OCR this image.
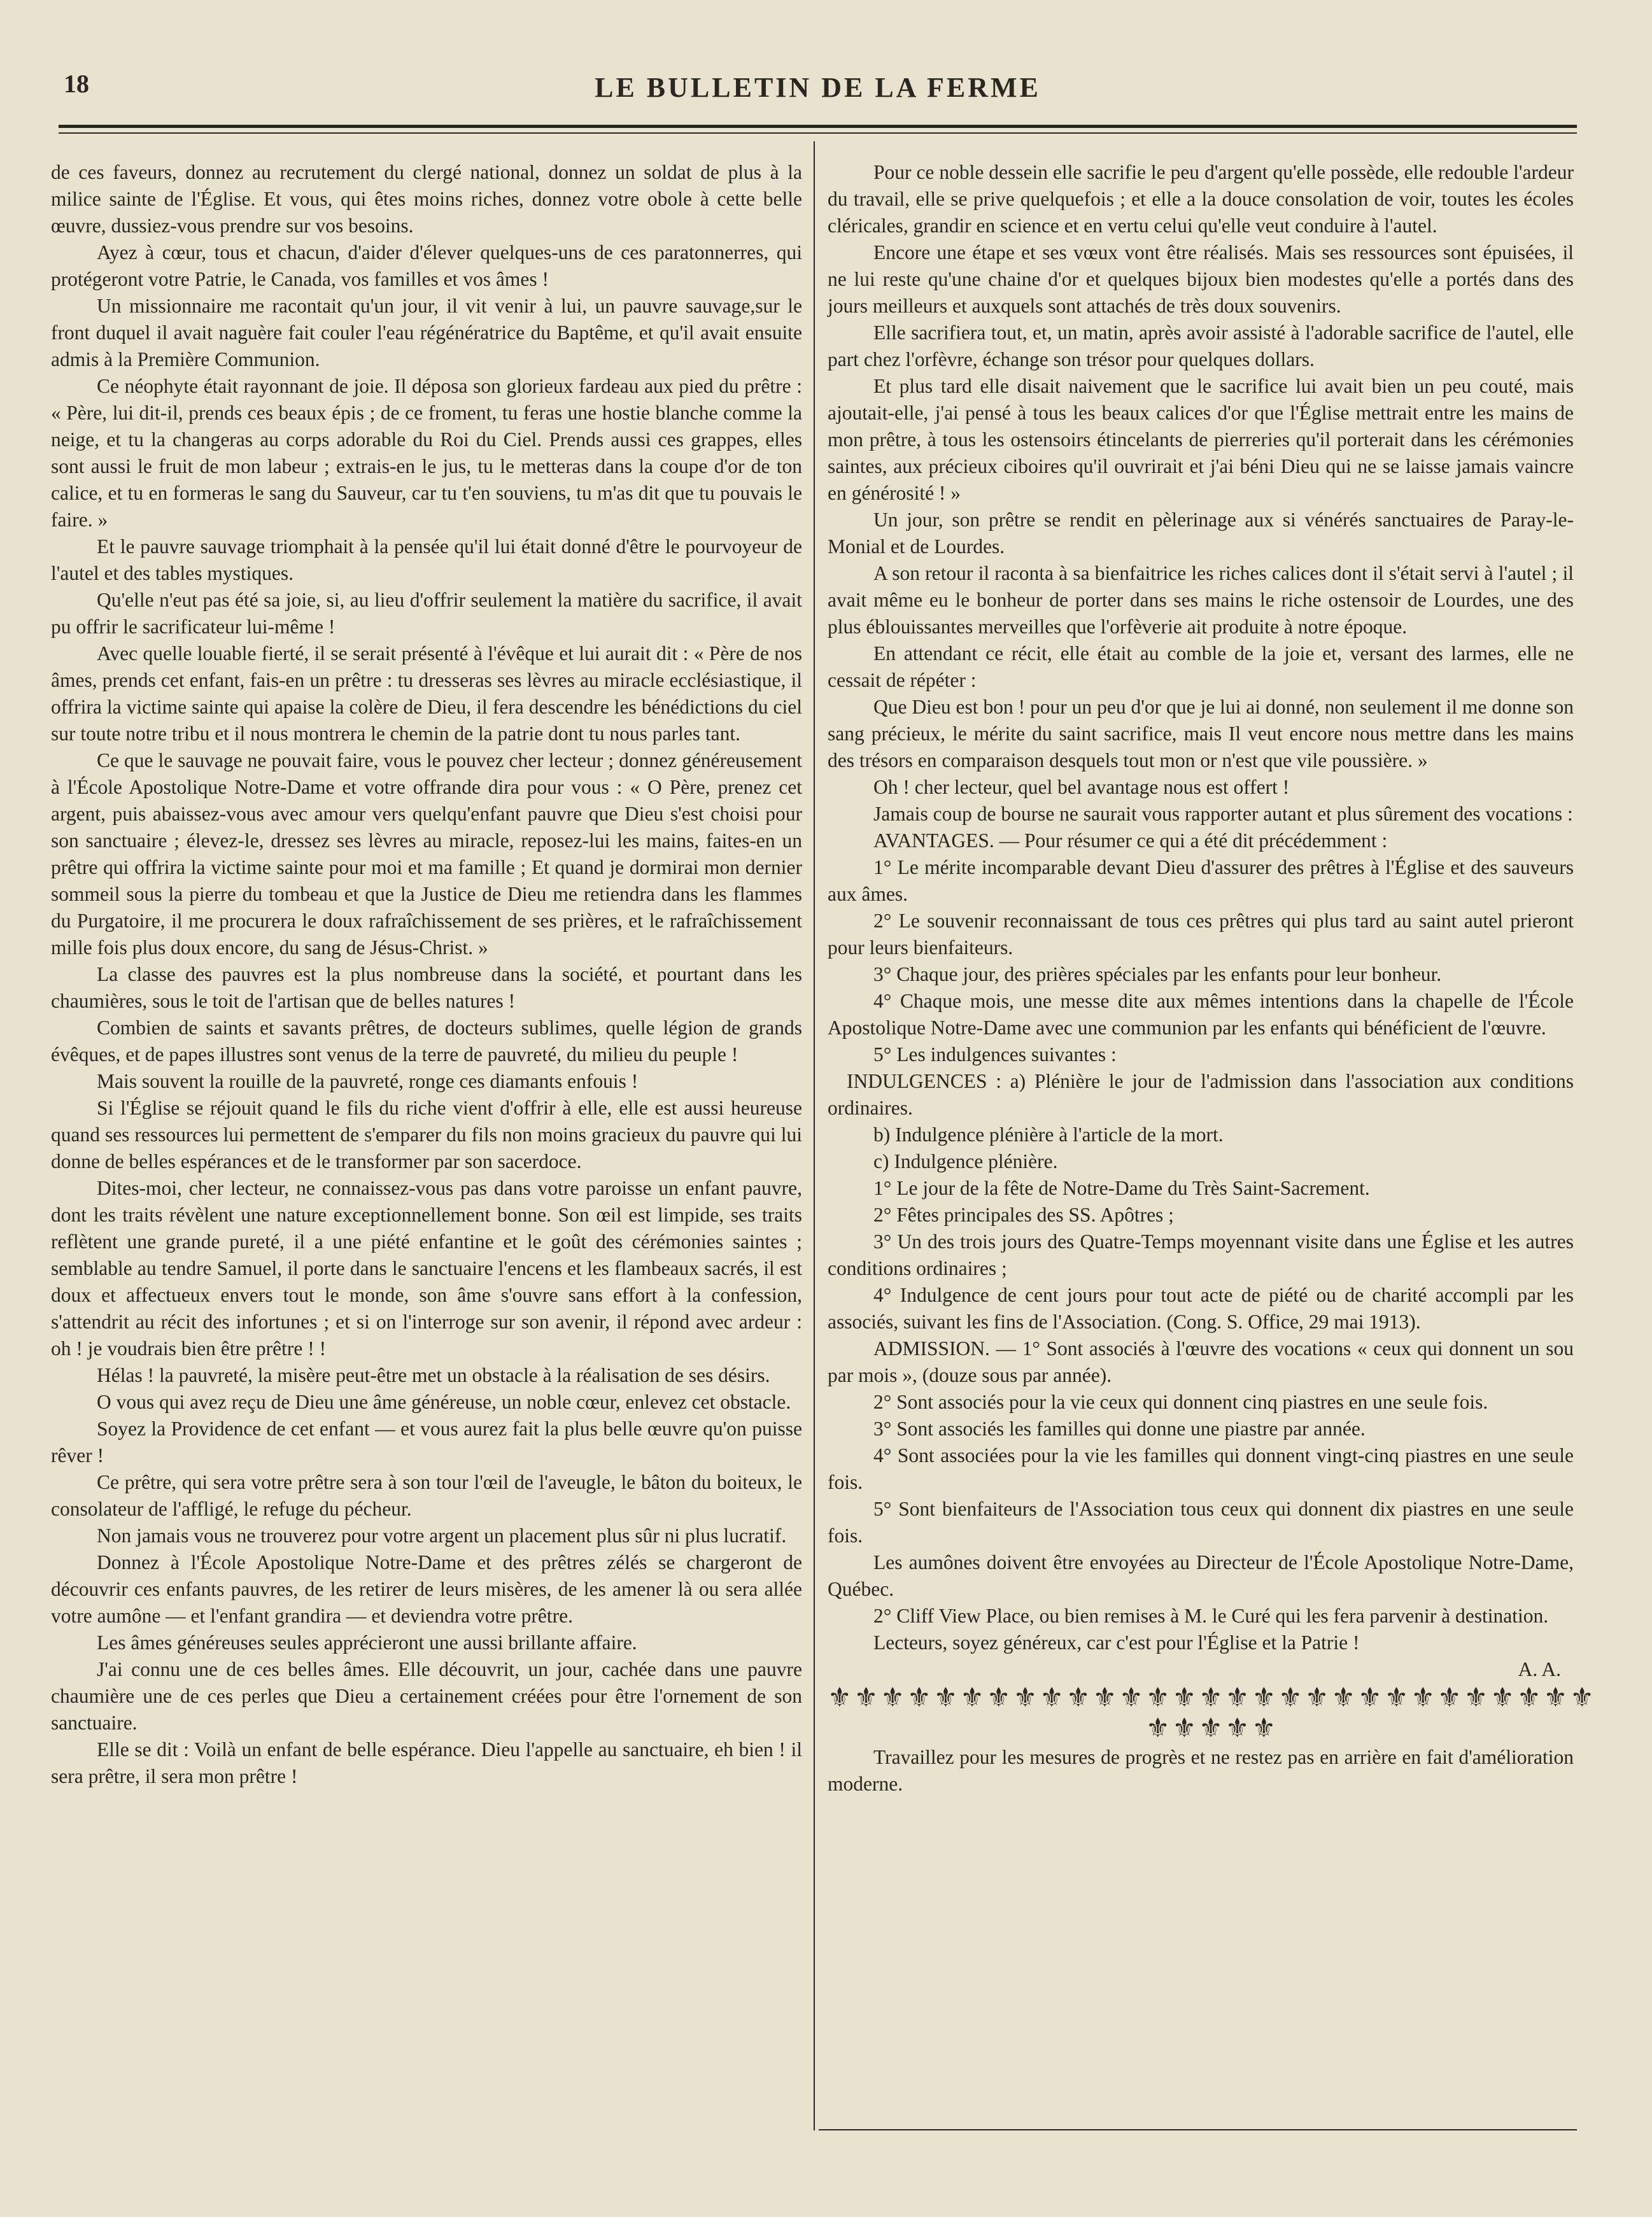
18	LE BULLETIN DE LA FERME

de ces faveurs, donnez au recrutement du clergé national, donnez un soldat de plus à la milice sainte de l'Église. Et vous, qui êtes moins riches, donnez votre obole à cette belle œuvre, dussiez-vous prendre sur vos besoins.

Ayez à cœur, tous et chacun, d'aider d'élever quelques-uns de ces paratonnerres, qui protégeront votre Patrie, le Canada, vos familles et vos âmes !

Un missionnaire me racontait qu'un jour, il vit venir à lui, un pauvre sauvage,sur le front duquel il avait naguère fait couler l'eau régénératrice du Baptême, et qu'il avait ensuite admis à la Première Communion.

Ce néophyte était rayonnant de joie. Il déposa son glorieux fardeau aux pied du prêtre : « Père, lui dit-il, prends ces beaux épis ; de ce froment, tu feras une hostie blanche comme la neige, et tu la changeras au corps adorable du Roi du Ciel. Prends aussi ces grappes, elles sont aussi le fruit de mon labeur ; extrais-en le jus, tu le metteras dans la coupe d'or de ton calice, et tu en formeras le sang du Sauveur, car tu t'en souviens, tu m'as dit que tu pouvais le faire. »

Et le pauvre sauvage triomphait à la pensée qu'il lui était donné d'être le pourvoyeur de l'autel et des tables mystiques.

Qu'elle n'eut pas été sa joie, si, au lieu d'offrir seulement la matière du sacrifice, il avait pu offrir le sacrificateur lui-même !

Avec quelle louable fierté, il se serait présenté à l'évêque et lui aurait dit : « Père de nos âmes, prends cet enfant, fais-en un prêtre : tu dresseras ses lèvres au miracle ecclésiastique, il offrira la victime sainte qui apaise la colère de Dieu, il fera descendre les bénédictions du ciel sur toute notre tribu et il nous montrera le chemin de la patrie dont tu nous parles tant.

Ce que le sauvage ne pouvait faire, vous le pouvez cher lecteur ; donnez généreusement à l'École Apostolique Notre-Dame et votre offrande dira pour vous : « O Père, prenez cet argent, puis abaissez-vous avec amour vers quelqu'enfant pauvre que Dieu s'est choisi pour son sanctuaire ; élevez-le, dressez ses lèvres au miracle, reposez-lui les mains, faites-en un prêtre qui offrira la victime sainte pour moi et ma famille ; Et quand je dormirai mon dernier sommeil sous la pierre du tombeau et que la Justice de Dieu me retiendra dans les flammes du Purgatoire, il me procurera le doux rafraîchissement de ses prières, et le rafraîchissement mille fois plus doux encore, du sang de Jésus-Christ. »

La classe des pauvres est la plus nombreuse dans la société, et pourtant dans les chaumières, sous le toit de l'artisan que de belles natures !

Combien de saints et savants prêtres, de docteurs sublimes, quelle légion de grands évêques, et de papes illustres sont venus de la terre de pauvreté, du milieu du peuple !

Mais souvent la rouille de la pauvreté, ronge ces diamants enfouis !

Si l'Église se réjouit quand le fils du riche vient d'offrir à elle, elle est aussi heureuse quand ses ressources lui permettent de s'emparer du fils non moins gracieux du pauvre qui lui donne de belles espérances et de le transformer par son sacerdoce.

Dites-moi, cher lecteur, ne connaissez-vous pas dans votre paroisse un enfant pauvre, dont les traits révèlent une nature exceptionnellement bonne. Son œil est limpide, ses traits reflètent une grande pureté, il a une piété enfantine et le goût des cérémonies saintes ; semblable au tendre Samuel, il porte dans le sanctuaire l'encens et les flambeaux sacrés, il est doux et affectueux envers tout le monde, son âme s'ouvre sans effort à la confession, s'attendrit au récit des infortunes ; et si on l'interroge sur son avenir, il répond avec ardeur : oh ! je voudrais bien être prêtre ! !

Hélas ! la pauvreté, la misère peut-être met un obstacle à la réalisation de ses désirs.

O vous qui avez reçu de Dieu une âme généreuse, un noble cœur, enlevez cet obstacle.

Soyez la Providence de cet enfant — et vous aurez fait la plus belle œuvre qu'on puisse rêver !

Ce prêtre, qui sera votre prêtre sera à son tour l'œil de l'aveugle, le bâton du boiteux, le consolateur de l'affligé, le refuge du pécheur.

Non jamais vous ne trouverez pour votre argent un placement plus sûr ni plus lucratif.

Donnez à l'École Apostolique Notre-Dame et des prêtres zélés se chargeront de découvrir ces enfants pauvres, de les retirer de leurs misères, de les amener là ou sera allée votre aumône — et l'enfant grandira — et deviendra votre prêtre.

Les âmes généreuses seules apprécieront une aussi brillante affaire.

J'ai connu une de ces belles âmes. Elle découvrit, un jour, cachée dans une pauvre chaumière une de ces perles que Dieu a certainement créées pour être l'ornement de son sanctuaire.

Elle se dit : Voilà un enfant de belle espérance. Dieu l'appelle au sanctuaire, eh bien ! il sera prêtre, il sera mon prêtre !

Pour ce noble dessein elle sacrifie le peu d'argent qu'elle possède, elle redouble l'ardeur du travail, elle se prive quelquefois ; et elle a la douce consolation de voir, toutes les écoles cléricales, grandir en science et en vertu celui qu'elle veut conduire à l'autel.

Encore une étape et ses vœux vont être réalisés. Mais ses ressources sont épuisées, il ne lui reste qu'une chaine d'or et quelques bijoux bien modestes qu'elle a portés dans des jours meilleurs et auxquels sont attachés de très doux souvenirs.

Elle sacrifiera tout, et, un matin, après avoir assisté à l'adorable sacrifice de l'autel, elle part chez l'orfèvre, échange son trésor pour quelques dollars.

Et plus tard elle disait naivement que le sacrifice lui avait bien un peu couté, mais ajoutait-elle, j'ai pensé à tous les beaux calices d'or que l'Église mettrait entre les mains de mon prêtre, à tous les ostensoirs étincelants de pierreries qu'il porterait dans les cérémonies saintes, aux précieux ciboires qu'il ouvrirait et j'ai béni Dieu qui ne se laisse jamais vaincre en générosité ! »

Un jour, son prêtre se rendit en pèlerinage aux si vénérés sanctuaires de Paray-le-Monial et de Lourdes.

A son retour il raconta à sa bienfaitrice les riches calices dont il s'était servi à l'autel ; il avait même eu le bonheur de porter dans ses mains le riche ostensoir de Lourdes, une des plus éblouissantes merveilles que l'orfèverie ait produite à notre époque.

En attendant ce récit, elle était au comble de la joie et, versant des larmes, elle ne cessait de répéter :

Que Dieu est bon ! pour un peu d'or que je lui ai donné, non seulement il me donne son sang précieux, le mérite du saint sacrifice, mais Il veut encore nous mettre dans les mains des trésors en comparaison desquels tout mon or n'est que vile poussière. »

Oh ! cher lecteur, quel bel avantage nous est offert !

Jamais coup de bourse ne saurait vous rapporter autant et plus sûrement des vocations :

AVANTAGES. — Pour résumer ce qui a été dit précédemment :

1° Le mérite incomparable devant Dieu d'assurer des prêtres à l'Église et des sauveurs aux âmes.

2° Le souvenir reconnaissant de tous ces prêtres qui plus tard au saint autel prieront pour leurs bienfaiteurs.

3° Chaque jour, des prières spéciales par les enfants pour leur bonheur.

4° Chaque mois, une messe dite aux mêmes intentions dans la chapelle de l'École Apostolique Notre-Dame avec une communion par les enfants qui bénéficient de l'œuvre.

5° Les indulgences suivantes :

INDULGENCES : a) Plénière le jour de l'admission dans l'association aux conditions ordinaires.

b) Indulgence plénière à l'article de la mort.

c) Indulgence plénière.

1° Le jour de la fête de Notre-Dame du Très Saint-Sacrement.

2° Fêtes principales des SS. Apôtres ;

3° Un des trois jours des Quatre-Temps moyennant visite dans une Église et les autres conditions ordinaires ;

4° Indulgence de cent jours pour tout acte de piété ou de charité accompli par les associés, suivant les fins de l'Association. (Cong. S. Office, 29 mai 1913).

ADMISSION. — 1° Sont associés à l'œuvre des vocations « ceux qui donnent un sou par mois », (douze sous par année).

2° Sont associés pour la vie ceux qui donnent cinq piastres en une seule fois.

3° Sont associés les familles qui donne une piastre par année.

4° Sont associées pour la vie les familles qui donnent vingt-cinq piastres en une seule fois.

5° Sont bienfaiteurs de l'Association tous ceux qui donnent dix piastres en une seule fois.

Les aumônes doivent être envoyées au Directeur de l'École Apostolique Notre-Dame, Québec.

2° Cliff View Place, ou bien remises à M. le Curé qui les fera parvenir à destination.

Lecteurs, soyez généreux, car c'est pour l'Église et la Patrie !

A. A.

⚜⚜⚜⚜⚜⚜⚜⚜⚜⚜⚜⚜⚜⚜⚜⚜⚜⚜⚜⚜⚜⚜⚜⚜⚜⚜⚜⚜⚜ ⚜⚜⚜⚜⚜

Travaillez pour les mesures de progrès et ne restez pas en arrière en fait d'amélioration moderne.
